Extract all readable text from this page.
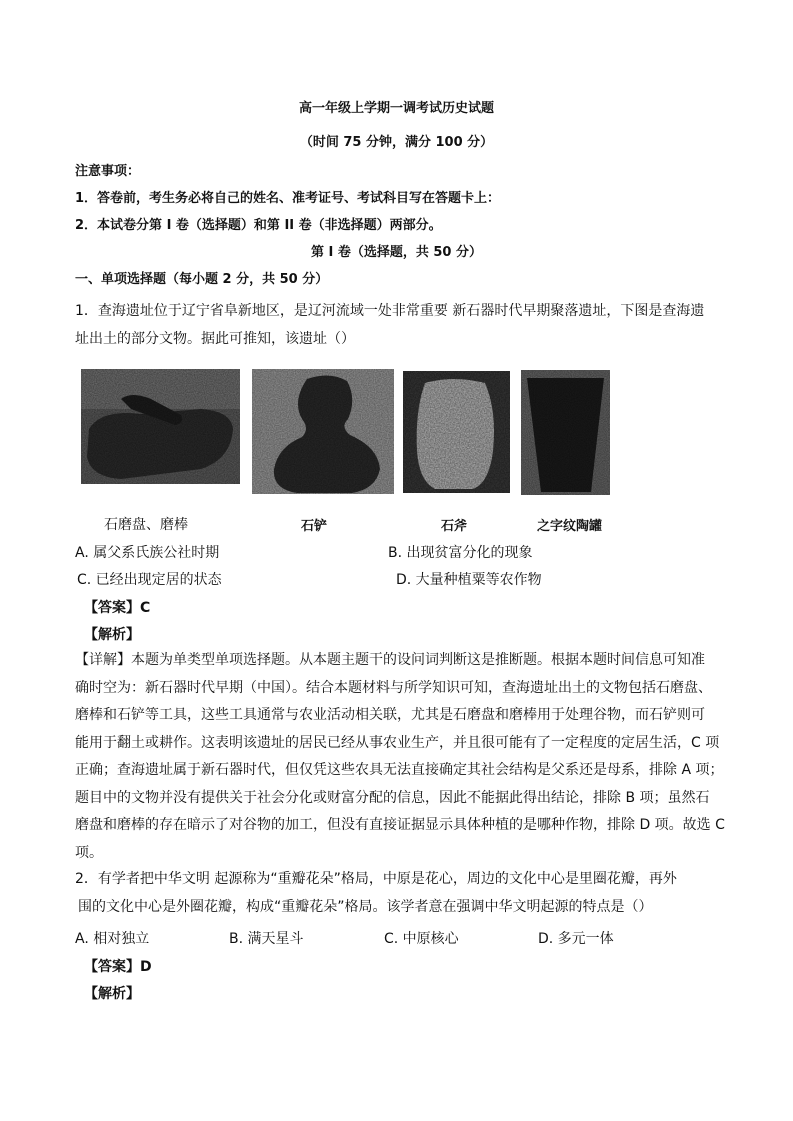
高一年级上学期一调考试历史试题
（时间 75 分钟，满分 100 分）
注意事项：
1．答卷前，考生务必将自己的姓名、准考证号、考试科目写在答题卡上：
2．本试卷分第 I 卷（选择题）和第 II 卷（非选择题）两部分。
第 I 卷（选择题，共 50 分）
一、单项选择题（每小题 2 分，共 50 分）
1．查海遗址位于辽宁省阜新地区，是辽河流域一处非常重要 新石器时代早期聚落遗址，下图是查海遗
址出土的部分文物。据此可推知，该遗址（）
石磨盘、磨棒	石铲	石斧	之字纹陶罐
A. 属父系氏族公社时期	B. 出现贫富分化的现象
C. 已经出现定居的状态	D. 大量种植粟等农作物
【答案】C
【解析】
【详解】本题为单类型单项选择题。从本题主题干的设问词判断这是推断题。根据本题时间信息可知准
确时空为：新石器时代早期（中国）。结合本题材料与所学知识可知，查海遗址出土的文物包括石磨盘、
磨棒和石铲等工具，这些工具通常与农业活动相关联，尤其是石磨盘和磨棒用于处理谷物，而石铲则可
能用于翻土或耕作。这表明该遗址的居民已经从事农业生产，并且很可能有了一定程度的定居生活，C 项
正确；查海遗址属于新石器时代，但仅凭这些农具无法直接确定其社会结构是父系还是母系，排除 A 项；
题目中的文物并没有提供关于社会分化或财富分配的信息，因此不能据此得出结论，排除 B 项；虽然石
磨盘和磨棒的存在暗示了对谷物的加工，但没有直接证据显示具体种植的是哪种作物，排除 D 项。故选 C
项。
2．有学者把中华文明 起源称为“重瓣花朵”格局，中原是花心，周边的文化中心是里圈花瓣，再外
围的文化中心是外圈花瓣，构成“重瓣花朵”格局。该学者意在强调中华文明起源的特点是（）
A. 相对独立	B. 满天星斗	C. 中原核心	D. 多元一体
【答案】D
【解析】
